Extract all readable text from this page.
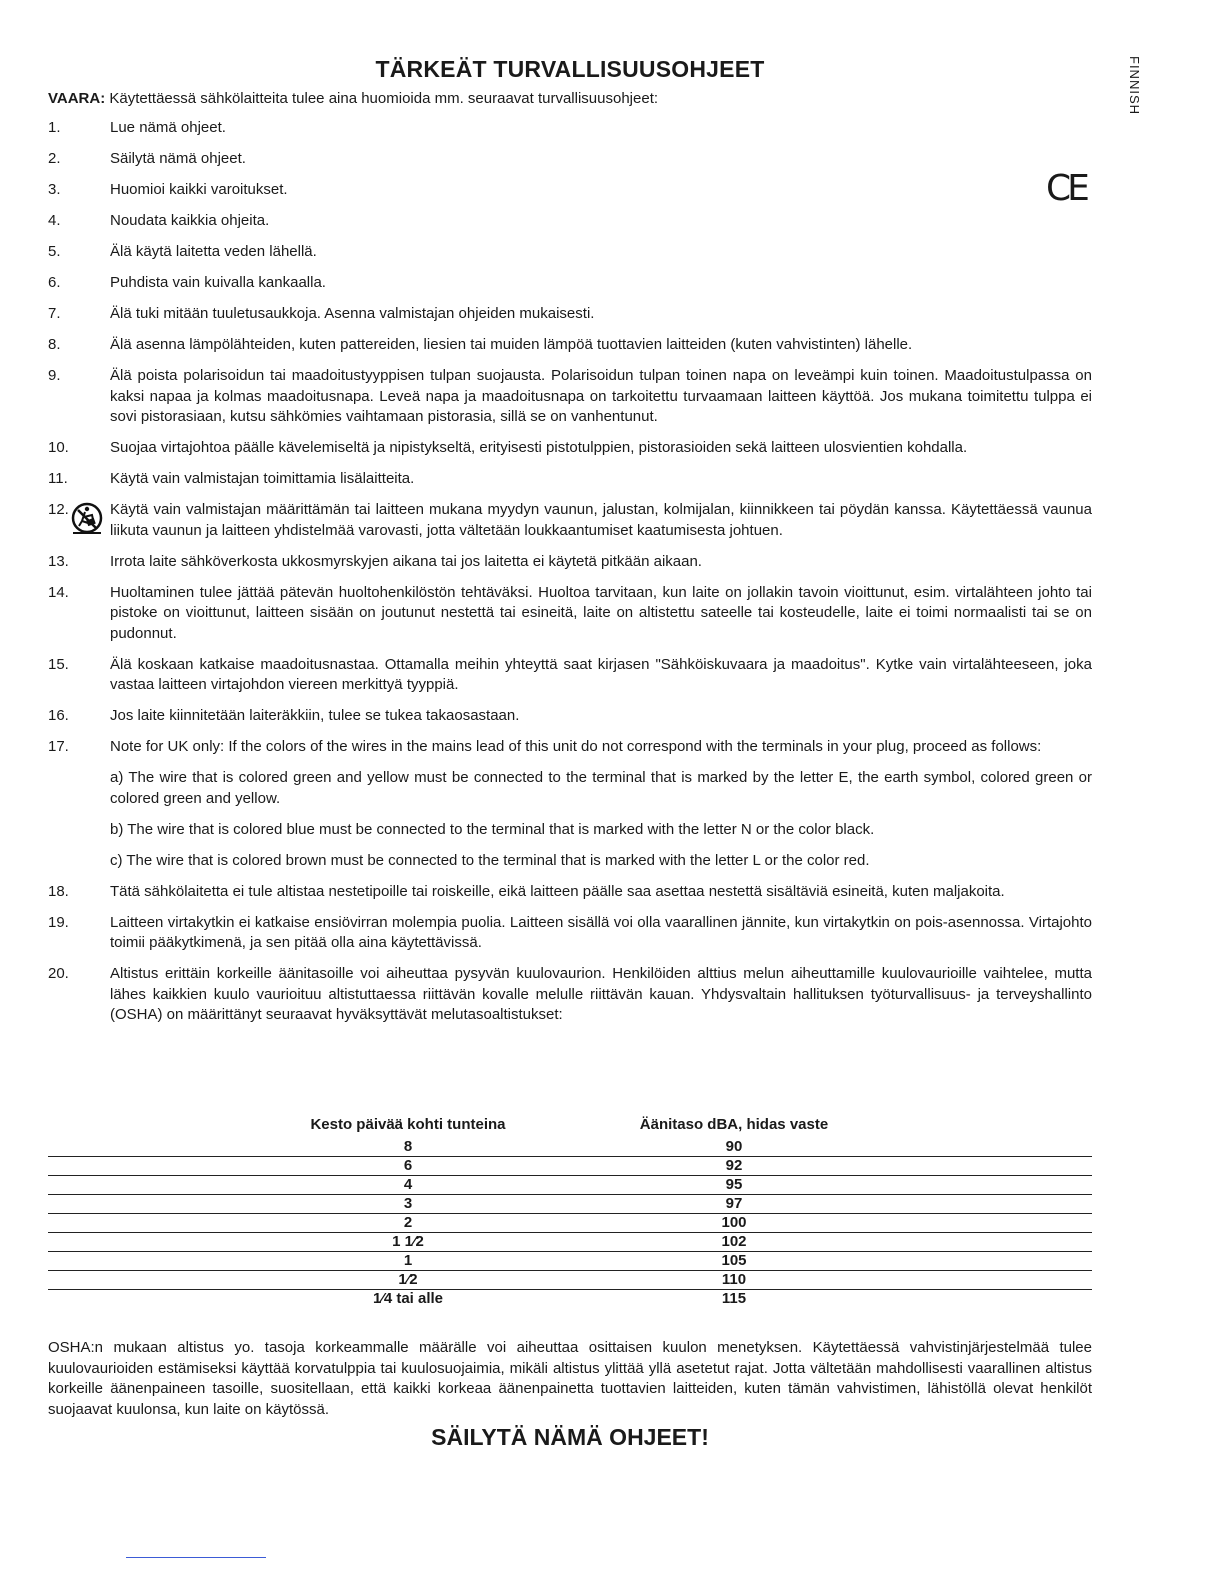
FINNISH
TÄRKEÄT TURVALLISUUSOHJEET
VAARA: Käytettäessä sähkölaitteita tulee aina huomioida mm. seuraavat turvallisuusohjeet:
1.	Lue nämä ohjeet.
2.	Säilytä nämä ohjeet.
3.	Huomioi kaikki varoitukset.
4.	Noudata kaikkia ohjeita.
5.	Älä käytä laitetta veden lähellä.
6.	Puhdista vain kuivalla kankaalla.
7.	Älä tuki mitään tuuletusaukkoja. Asenna valmistajan ohjeiden mukaisesti.
8.	Älä asenna lämpölähteiden, kuten pattereiden, liesien tai muiden lämpöä tuottavien laitteiden (kuten vahvistinten) lähelle.
9.	Älä poista polarisoidun tai maadoitustyyppisen tulpan suojausta. Polarisoidun tulpan toinen napa on leveämpi kuin toinen. Maadoitustulpassa on kaksi napaa ja kolmas maadoitusnapa. Leveä napa ja maadoitusnapa on tarkoitettu turvaamaan laitteen käyttöä. Jos mukana toimitettu tulppa ei sovi pistorasiaan, kutsu sähkömies vaihtamaan pistorasia, sillä se on vanhentunut.
10.	Suojaa virtajohtoa päälle kävelemiseltä ja nipistykseltä, erityisesti pistotulppien, pistorasioiden sekä laitteen ulosvientien kohdalla.
11.	Käytä vain valmistajan toimittamia lisälaitteita.
12.	Käytä vain valmistajan määrittämän tai laitteen mukana myydyn vaunun, jalustan, kolmijalan, kiinnikkeen tai pöydän kanssa. Käytettäessä vaunua liikuta vaunun ja laitteen yhdistelmää varovasti, jotta vältetään loukkaantumiset kaatumisesta johtuen.
13.	Irrota laite sähköverkosta ukkosmyrskyjen aikana tai jos laitetta ei käytetä pitkään aikaan.
14.	Huoltaminen tulee jättää pätevän huoltohenkilöstön tehtäväksi. Huoltoa tarvitaan, kun laite on jollakin tavoin vioittunut, esim. virtalähteen johto tai pistoke on vioittunut, laitteen sisään on joutunut nestettä tai esineitä, laite on altistettu sateelle tai kosteudelle, laite ei toimi normaalisti tai se on pudonnut.
15.	Älä koskaan katkaise maadoitusnastaa. Ottamalla meihin yhteyttä saat kirjasen "Sähköiskuvaara ja maadoitus". Kytke vain virtalähteeseen, joka vastaa laitteen virtajohdon viereen merkittyä tyyppiä.
16.	Jos laite kiinnitetään laiteräkkiin, tulee se tukea takaosastaan.
17.	Note for UK only: If the colors of the wires in the mains lead of this unit do not correspond with the terminals in your plug, proceed as follows:
a) The wire that is colored green and yellow must be connected to the terminal that is marked by the letter E, the earth symbol, colored green or colored green and yellow.
b) The wire that is colored blue must be connected to the terminal that is marked with the letter N or the color black.
c) The wire that is colored brown must be connected to the terminal that is marked with the letter L or the color red.
18.	Tätä sähkölaitetta ei tule altistaa nestetipoille tai roiskeille, eikä laitteen päälle saa asettaa nestettä sisältäviä esineitä, kuten maljakoita.
19.	Laitteen virtakytkin ei katkaise ensiövirran molempia puolia. Laitteen sisällä voi olla vaarallinen jännite, kun virtakytkin on pois-asennossa. Virtajohto toimii pääkytkimenä, ja sen pitää olla aina käytettävissä.
20.	Altistus erittäin korkeille äänitasoille voi aiheuttaa pysyvän kuulovaurion. Henkilöiden alttius melun aiheuttamille kuulovaurioille vaihtelee, mutta lähes kaikkien kuulo vaurioituu altistuttaessa riittävän kovalle melulle riittävän kauan. Yhdysvaltain hallituksen työturvallisuus- ja terveyshallinto (OSHA) on määrittänyt seuraavat hyväksyttävät melutasoaltistukset:
Kesto päivää kohti tunteina	Äänitaso dBA, hidas vaste
8	90
6	92
4	95
3	97
2	100
1 1⁄2	102
1	105
1⁄2	110
1⁄4 tai alle	115
OSHA:n mukaan altistus yo. tasoja korkeammalle määrälle voi aiheuttaa osittaisen kuulon menetyksen. Käytettäessä vahvistinjärjestelmää tulee kuulovaurioiden estämiseksi käyttää korvatulppia tai kuulosuojaimia, mikäli altistus ylittää yllä asetetut rajat. Jotta vältetään mahdollisesti vaarallinen altistus korkeille äänenpaineen tasoille, suositellaan, että kaikki korkeaa äänenpainetta tuottavien laitteiden, kuten tämän vahvistimen, lähistöllä olevat henkilöt suojaavat kuulonsa, kun laite on käytössä.
SÄILYTÄ NÄMÄ OHJEET!
CE
